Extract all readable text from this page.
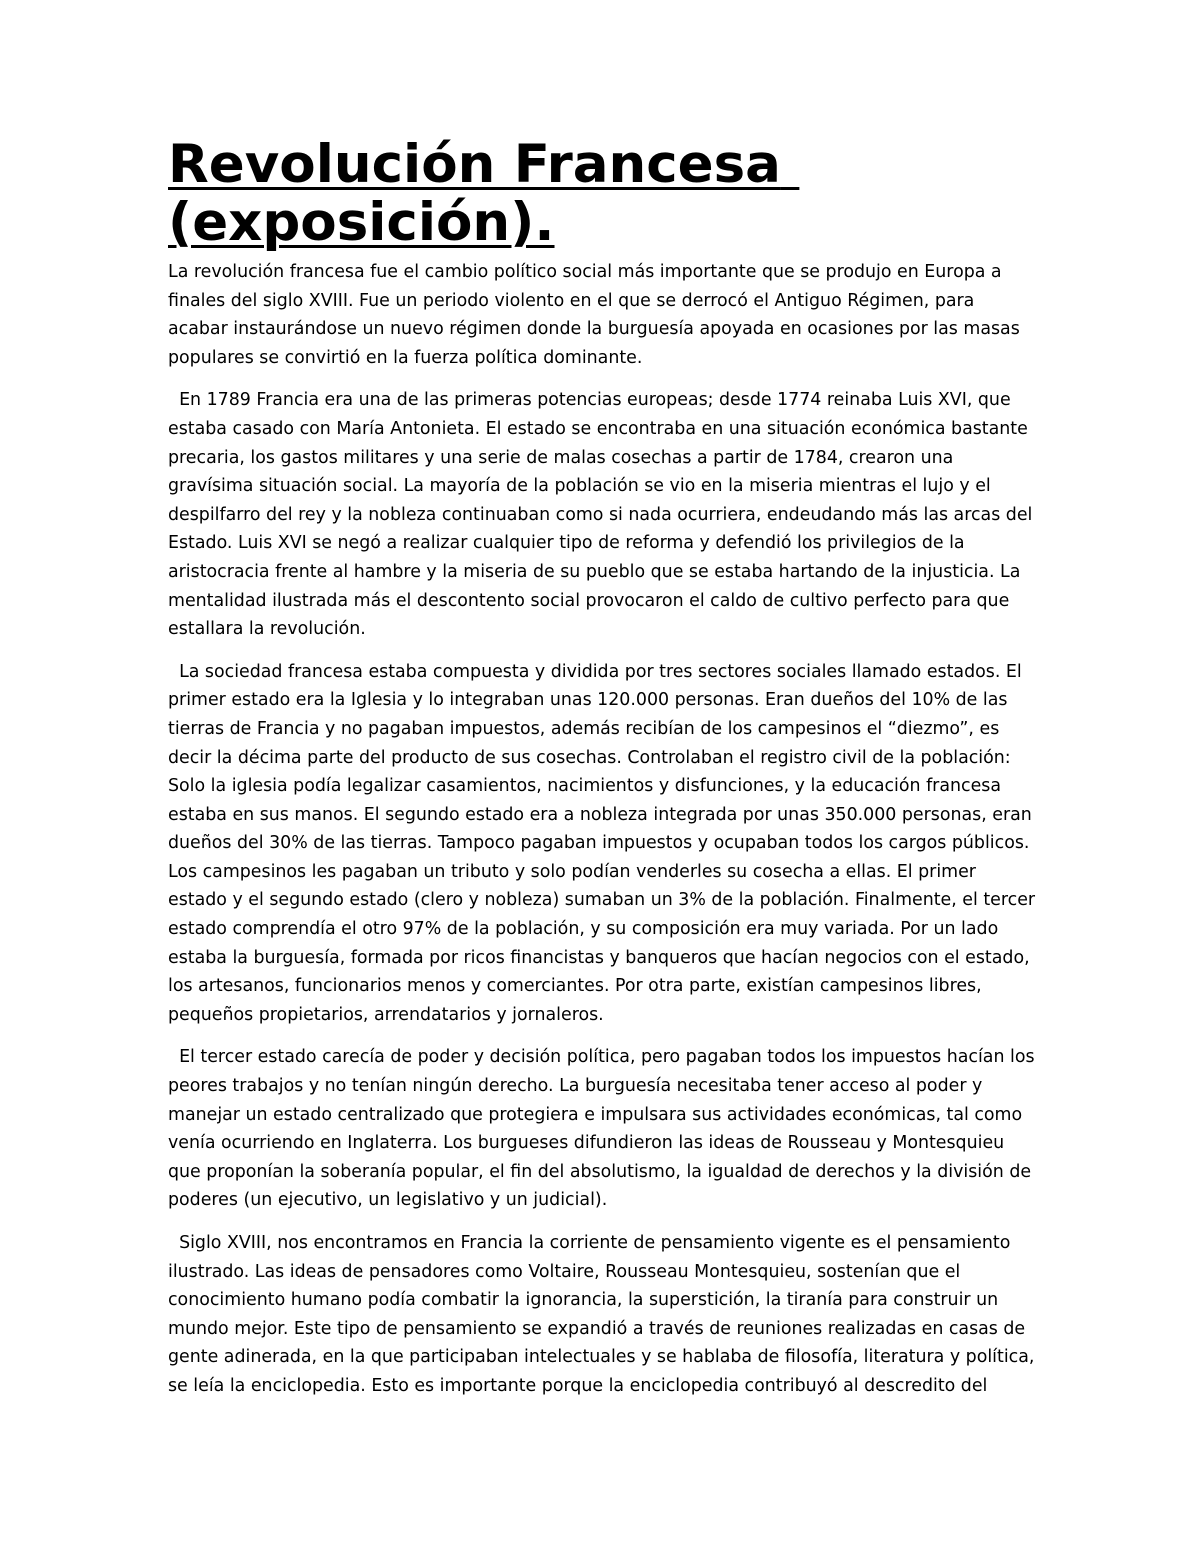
Revolución Francesa (exposición).

La revolución francesa fue el cambio político social más importante que se produjo en Europa a finales del siglo XVIII. Fue un periodo violento en el que se derrocó el Antiguo Régimen, para acabar instaurándose un nuevo régimen donde la burguesía apoyada en ocasiones por las masas populares se convirtió en la fuerza política dominante.

En 1789 Francia era una de las primeras potencias europeas; desde 1774 reinaba Luis XVI, que estaba casado con María Antonieta. El estado se encontraba en una situación económica bastante precaria, los gastos militares y una serie de malas cosechas a partir de 1784, crearon una gravísima situación social. La mayoría de la población se vio en la miseria mientras el lujo y el despilfarro del rey y la nobleza continuaban como si nada ocurriera, endeudando más las arcas del Estado. Luis XVI se negó a realizar cualquier tipo de reforma y defendió los privilegios de la aristocracia frente al hambre y la miseria de su pueblo que se estaba hartando de la injusticia. La mentalidad ilustrada más el descontento social provocaron el caldo de cultivo perfecto para que estallara la revolución.

La sociedad francesa estaba compuesta y dividida por tres sectores sociales llamado estados. El primer estado era la Iglesia y lo integraban unas 120.000 personas. Eran dueños del 10% de las tierras de Francia y no pagaban impuestos, además recibían de los campesinos el “diezmo”, es decir la décima parte del producto de sus cosechas. Controlaban el registro civil de la población: Solo la iglesia podía legalizar casamientos, nacimientos y disfunciones, y la educación francesa estaba en sus manos. El segundo estado era a nobleza integrada por unas 350.000 personas, eran dueños del 30% de las tierras. Tampoco pagaban impuestos y ocupaban todos los cargos públicos. Los campesinos les pagaban un tributo y solo podían venderles su cosecha a ellas. El primer estado y el segundo estado (clero y nobleza) sumaban un 3% de la población. Finalmente, el tercer estado comprendía el otro 97% de la población, y su composición era muy variada. Por un lado estaba la burguesía, formada por ricos financistas y banqueros que hacían negocios con el estado, los artesanos, funcionarios menos y comerciantes. Por otra parte, existían campesinos libres, pequeños propietarios, arrendatarios y jornaleros.

El tercer estado carecía de poder y decisión política, pero pagaban todos los impuestos hacían los peores trabajos y no tenían ningún derecho. La burguesía necesitaba tener acceso al poder y manejar un estado centralizado que protegiera e impulsara sus actividades económicas, tal como venía ocurriendo en Inglaterra. Los burgueses difundieron las ideas de Rousseau y Montesquieu que proponían la soberanía popular, el fin del absolutismo, la igualdad de derechos y la división de poderes (un ejecutivo, un legislativo y un judicial).

Siglo XVIII, nos encontramos en Francia la corriente de pensamiento vigente es el pensamiento ilustrado. Las ideas de pensadores como Voltaire, Rousseau Montesquieu, sostenían que el conocimiento humano podía combatir la ignorancia, la superstición, la tiranía para construir un mundo mejor. Este tipo de pensamiento se expandió a través de reuniones realizadas en casas de gente adinerada, en la que participaban intelectuales y se hablaba de filosofía, literatura y política, se leía la enciclopedia. Esto es importante porque la enciclopedia contribuyó al descredito del
